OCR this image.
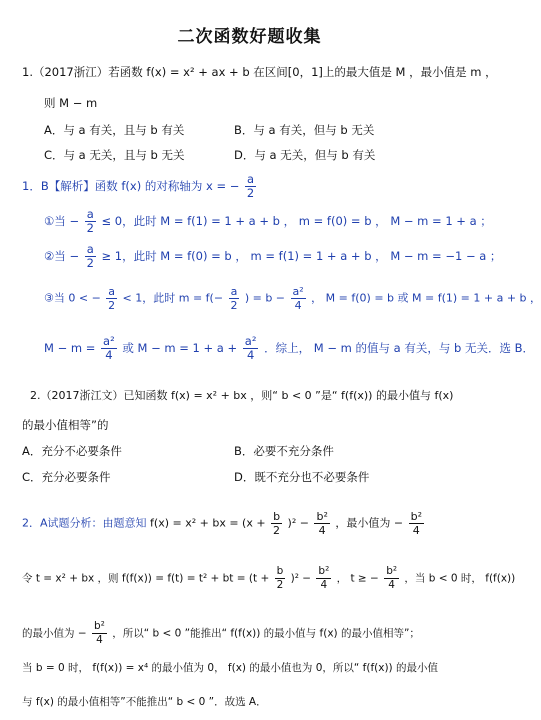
二次函数好题收集
1.（2017浙江）若函数 f(x) = x² + ax + b 在区间[0，1]上的最大值是 M ，最小值是 m ，
则 M − m
A．与 a 有关，且与 b 有关	B．与 a 有关，但与 b 无关
C．与 a 无关，且与 b 无关	D．与 a 无关，但与 b 有关
1．B【解析】函数 f(x) 的对称轴为 x = − $\frac{a}{2}$
①当 − $\frac{a}{2} \le 0$，此时 M = f(1) = 1 + a + b ， m = f(0) = b ， M − m = 1 + a ；
②当 − $\frac{a}{2} \ge 1$，此时 M = f(0) = b ， m = f(1) = 1 + a + b ， M − m = −1 − a ；
③当 0 < − $\frac{a}{2} < 1$，此时 $m = f(- \frac{a}{2}$ ) = $b - \frac{\text{a²}}{4}$ ， M = f(0) = b 或 M = f(1) = 1 + a + b ，
$M - m = \frac{\text{a²}}{4}$ 或 $M - m = 1 + a + \frac{\text{a²}}{4}$ ．综上， M − m 的值与 a 有关，与 b 无关．选 B．
2.（2017浙江文）已知函数 f(x) = x² + bx ，则“ b < 0 ”是“ f(f(x)) 的最小值与 f(x)
的最小值相等”的
A．充分不必要条件	B．必要不充分条件
C．充分必要条件	D．既不充分也不必要条件
2．A试题分析：由题意知 f(x) = x² + bx = $(x + \frac{b}{2} )^2 - \frac{\text{b²}}{4}$ ，最小值为 − $\frac{\text{b²}}{4}$
令 t = x² + bx ，则 f(f(x)) = f(t) = t² + bt = $(t + \frac{b}{2} )^2 - \frac{\text{b²}}{4}$ ， t ≥ − $\frac{\text{b²}}{4}$ ，当 b < 0 时， f(f(x))
的最小值为 − $\frac{\text{b²}}{4}$ ，所以“ b < 0 ”能推出“ f(f(x)) 的最小值与 f(x) 的最小值相等”；
当 b = 0 时， f(f(x)) = x⁴ 的最小值为 0， f(x) 的最小值也为 0，所以“ f(f(x)) 的最小值
与 f(x) 的最小值相等”不能推出“ b < 0 ”．故选 A．
